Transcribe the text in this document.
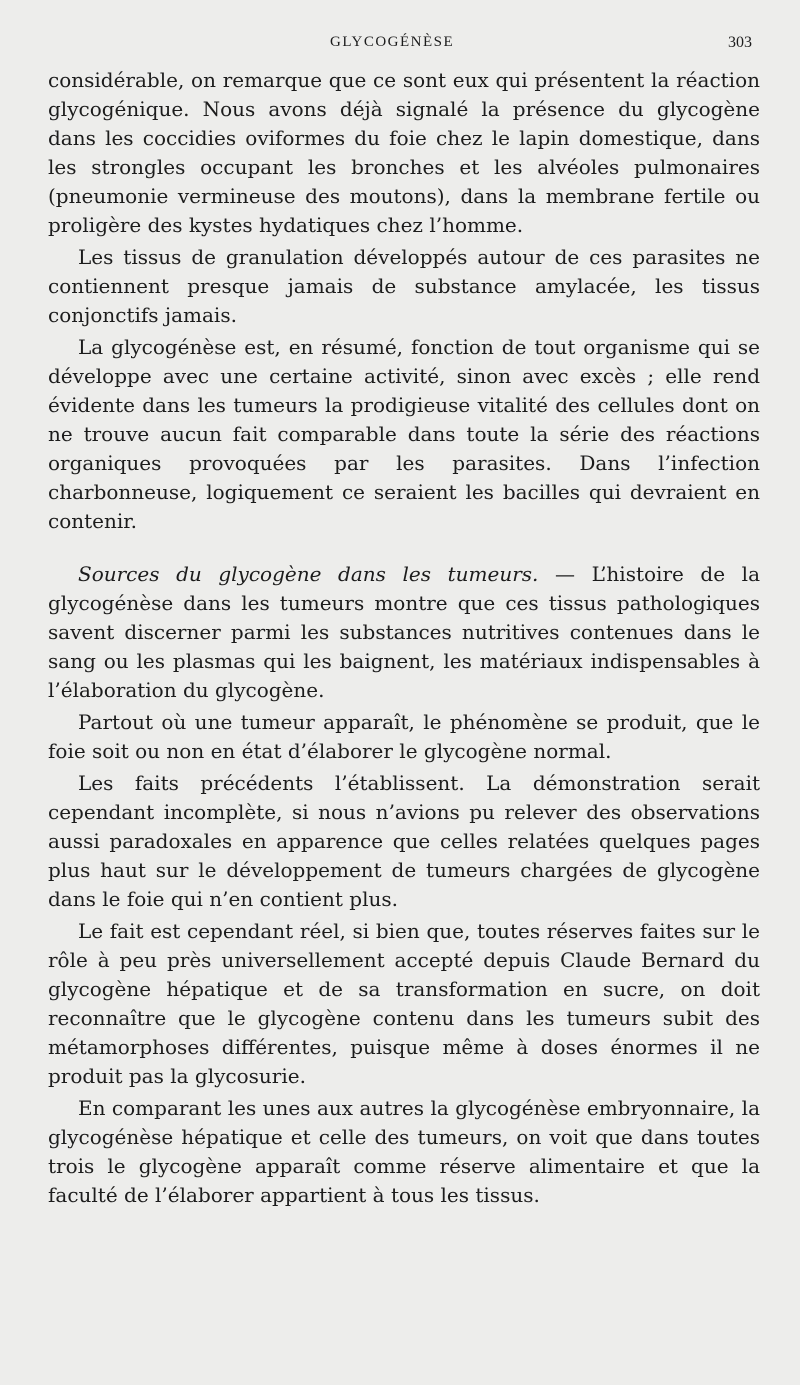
GLYCOGÉNÈSE	303

considérable, on remarque que ce sont eux qui présentent la réaction glycogénique. Nous avons déjà signalé la présence du glycogène dans les coccidies oviformes du foie chez le lapin domestique, dans les strongles occupant les bronches et les alvéoles pulmonaires (pneumonie vermineuse des moutons), dans la membrane fertile ou proligère des kystes hydatiques chez l’homme.

Les tissus de granulation développés autour de ces parasites ne contiennent presque jamais de substance amylacée, les tissus conjonctifs jamais.

La glycogénèse est, en résumé, fonction de tout organisme qui se développe avec une certaine activité, sinon avec excès ; elle rend évidente dans les tumeurs la prodigieuse vitalité des cellules dont on ne trouve aucun fait comparable dans toute la série des réactions organiques provoquées par les parasites. Dans l’infection charbonneuse, logiquement ce seraient les bacilles qui devraient en contenir.

Sources du glycogène dans les tumeurs. — L’histoire de la glycogénèse dans les tumeurs montre que ces tissus pathologiques savent discerner parmi les substances nutritives contenues dans le sang ou les plasmas qui les baignent, les matériaux indispensables à l’élaboration du glycogène.

Partout où une tumeur apparaît, le phénomène se produit, que le foie soit ou non en état d’élaborer le glycogène normal.

Les faits précédents l’établissent. La démonstration serait cependant incomplète, si nous n’avions pu relever des observations aussi paradoxales en apparence que celles relatées quelques pages plus haut sur le développement de tumeurs chargées de glycogène dans le foie qui n’en contient plus.

Le fait est cependant réel, si bien que, toutes réserves faites sur le rôle à peu près universellement accepté depuis Claude Bernard du glycogène hépatique et de sa transformation en sucre, on doit reconnaître que le glycogène contenu dans les tumeurs subit des métamorphoses différentes, puisque même à doses énormes il ne produit pas la glycosurie.

En comparant les unes aux autres la glycogénèse embryonnaire, la glycogénèse hépatique et celle des tumeurs, on voit que dans toutes trois le glycogène apparaît comme réserve alimentaire et que la faculté de l’élaborer appartient à tous les tissus.
